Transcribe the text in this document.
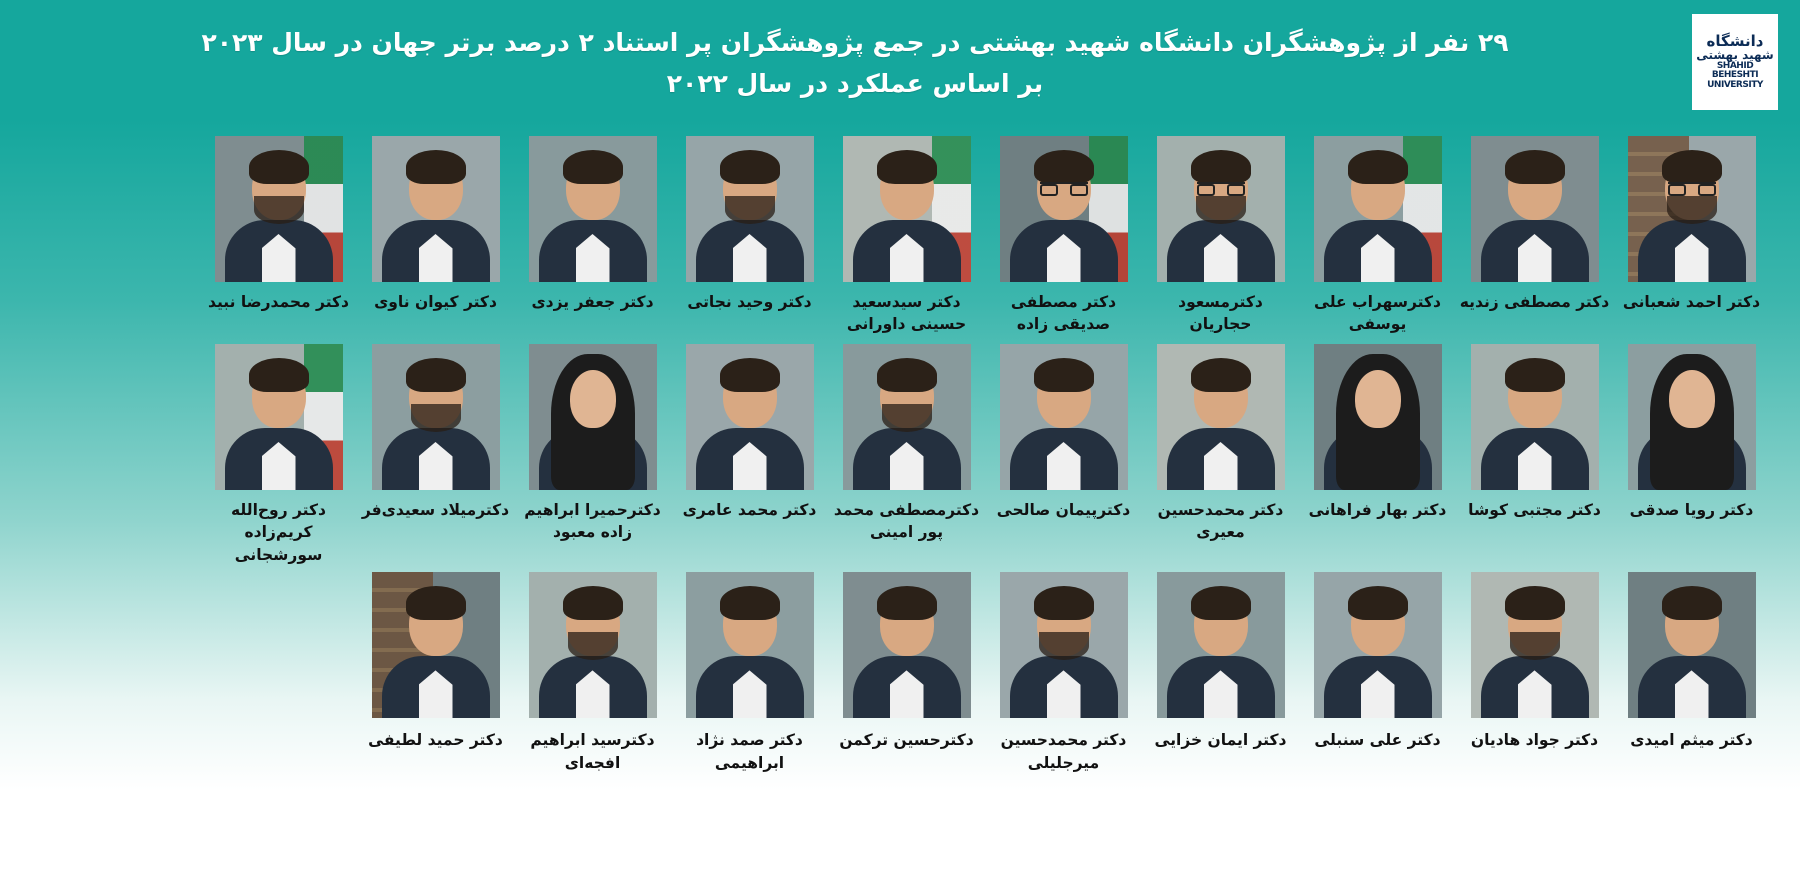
دانشگاه
شهید بهشتی
SHAHID BEHESHTI UNIVERSITY
۲۹ نفر از پژوهشگران دانشگاه شهید بهشتی در جمع پژوهشگران پر استناد ۲ درصد برتر جهان در سال ۲۰۲۳
بر اساس عملکرد در سال ۲۰۲۲
دکتر احمد شعبانی
دکتر مصطفی زندیه
دکترسهراب علی یوسفی
دکترمسعود حجاریان
دکتر مصطفی صدیقی زاده
دکتر سیدسعید حسینی داورانی
دکتر وحید نجاتی
دکتر جعفر یزدی
دکتر کیوان ناوی
دکتر محمدرضا نبید
دکتر رویا صدقی
دکتر مجتبی کوشا
دکتر بهار فراهانی
دکتر محمدحسین معیری
دکترپیمان صالحی
دکترمصطفی محمد پور امینی
دکتر محمد عامری
دکترحمیرا ابراهیم زاده معبود
دکترمیلاد سعیدی‌فر
دکتر روح‌الله کریم‌زاده سورشجانی
دکتر میثم امیدی
دکتر جواد هادیان
دکتر علی سنبلی
دکتر ایمان خزایی
دکتر محمدحسین میرجلیلی
دکترحسین ترکمن
دکتر صمد نژاد ابراهیمی
دکترسید ابراهیم افجه‌ای
دکتر حمید لطیفی
